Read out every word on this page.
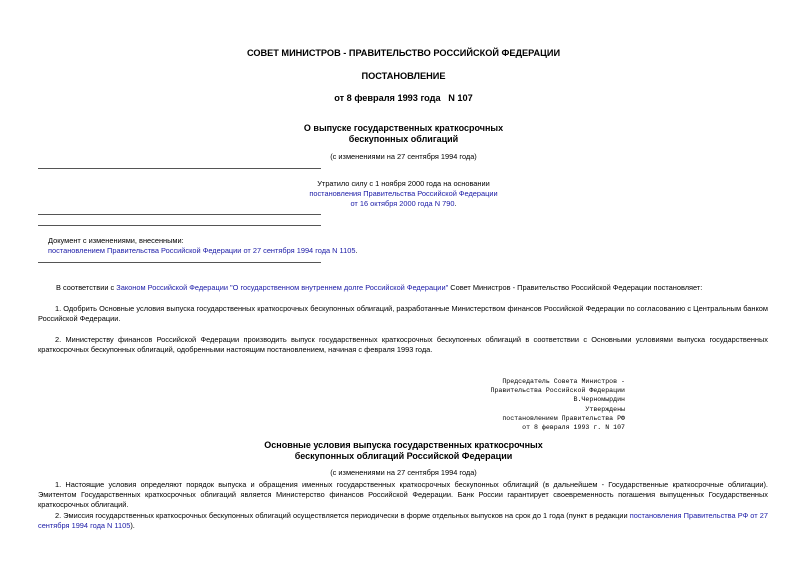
СОВЕТ МИНИСТРОВ - ПРАВИТЕЛЬСТВО РОССИЙСКОЙ ФЕДЕРАЦИИ
ПОСТАНОВЛЕНИЕ
от 8 февраля 1993 года   N 107
О выпуске государственных краткосрочных
бескупонных облигаций
(с изменениями на 27 сентября 1994 года)
Утратило силу с 1 ноября 2000 года на основании
постановления Правительства Российской Федерации
от 16 октября 2000 года N 790.
Документ с изменениями, внесенными:
постановлением Правительства Российской Федерации от 27 сентября 1994 года N 1105.
В соответствии с Законом Российской Федерации "О государственном внутреннем долге Российской Федерации" Совет Министров - Правительство Российской Федерации постановляет:
1. Одобрить Основные условия выпуска государственных краткосрочных бескупонных облигаций, разработанные Министерством финансов Российской Федерации по согласованию с Центральным банком Российской Федерации.
2. Министерству финансов Российской Федерации производить выпуск государственных краткосрочных бескупонных облигаций в соответствии с Основными условиями выпуска государственных краткосрочных бескупонных облигаций, одобренными настоящим постановлением, начиная с февраля 1993 года.
Председатель Совета Министров -
Правительства Российской Федерации
В.Черномырдин
Утверждены
постановлением Правительства РФ
от 8 февраля 1993 г. N 107
Основные условия выпуска государственных краткосрочных
бескупонных облигаций Российской Федерации
(с изменениями на 27 сентября 1994 года)
1. Настоящие условия определяют порядок выпуска и обращения именных государственных краткосрочных бескупонных облигаций (в дальнейшем - Государственные краткосрочные облигации). Эмитентом Государственных краткосрочных облигаций является Министерство финансов Российской Федерации. Банк России гарантирует своевременность погашения выпущенных Государственных краткосрочных облигаций.
2. Эмиссия государственных краткосрочных бескупонных облигаций осуществляется периодически в форме отдельных выпусков на срок до 1 года (пункт в редакции постановления Правительства РФ от 27 сентября 1994 года N 1105).
